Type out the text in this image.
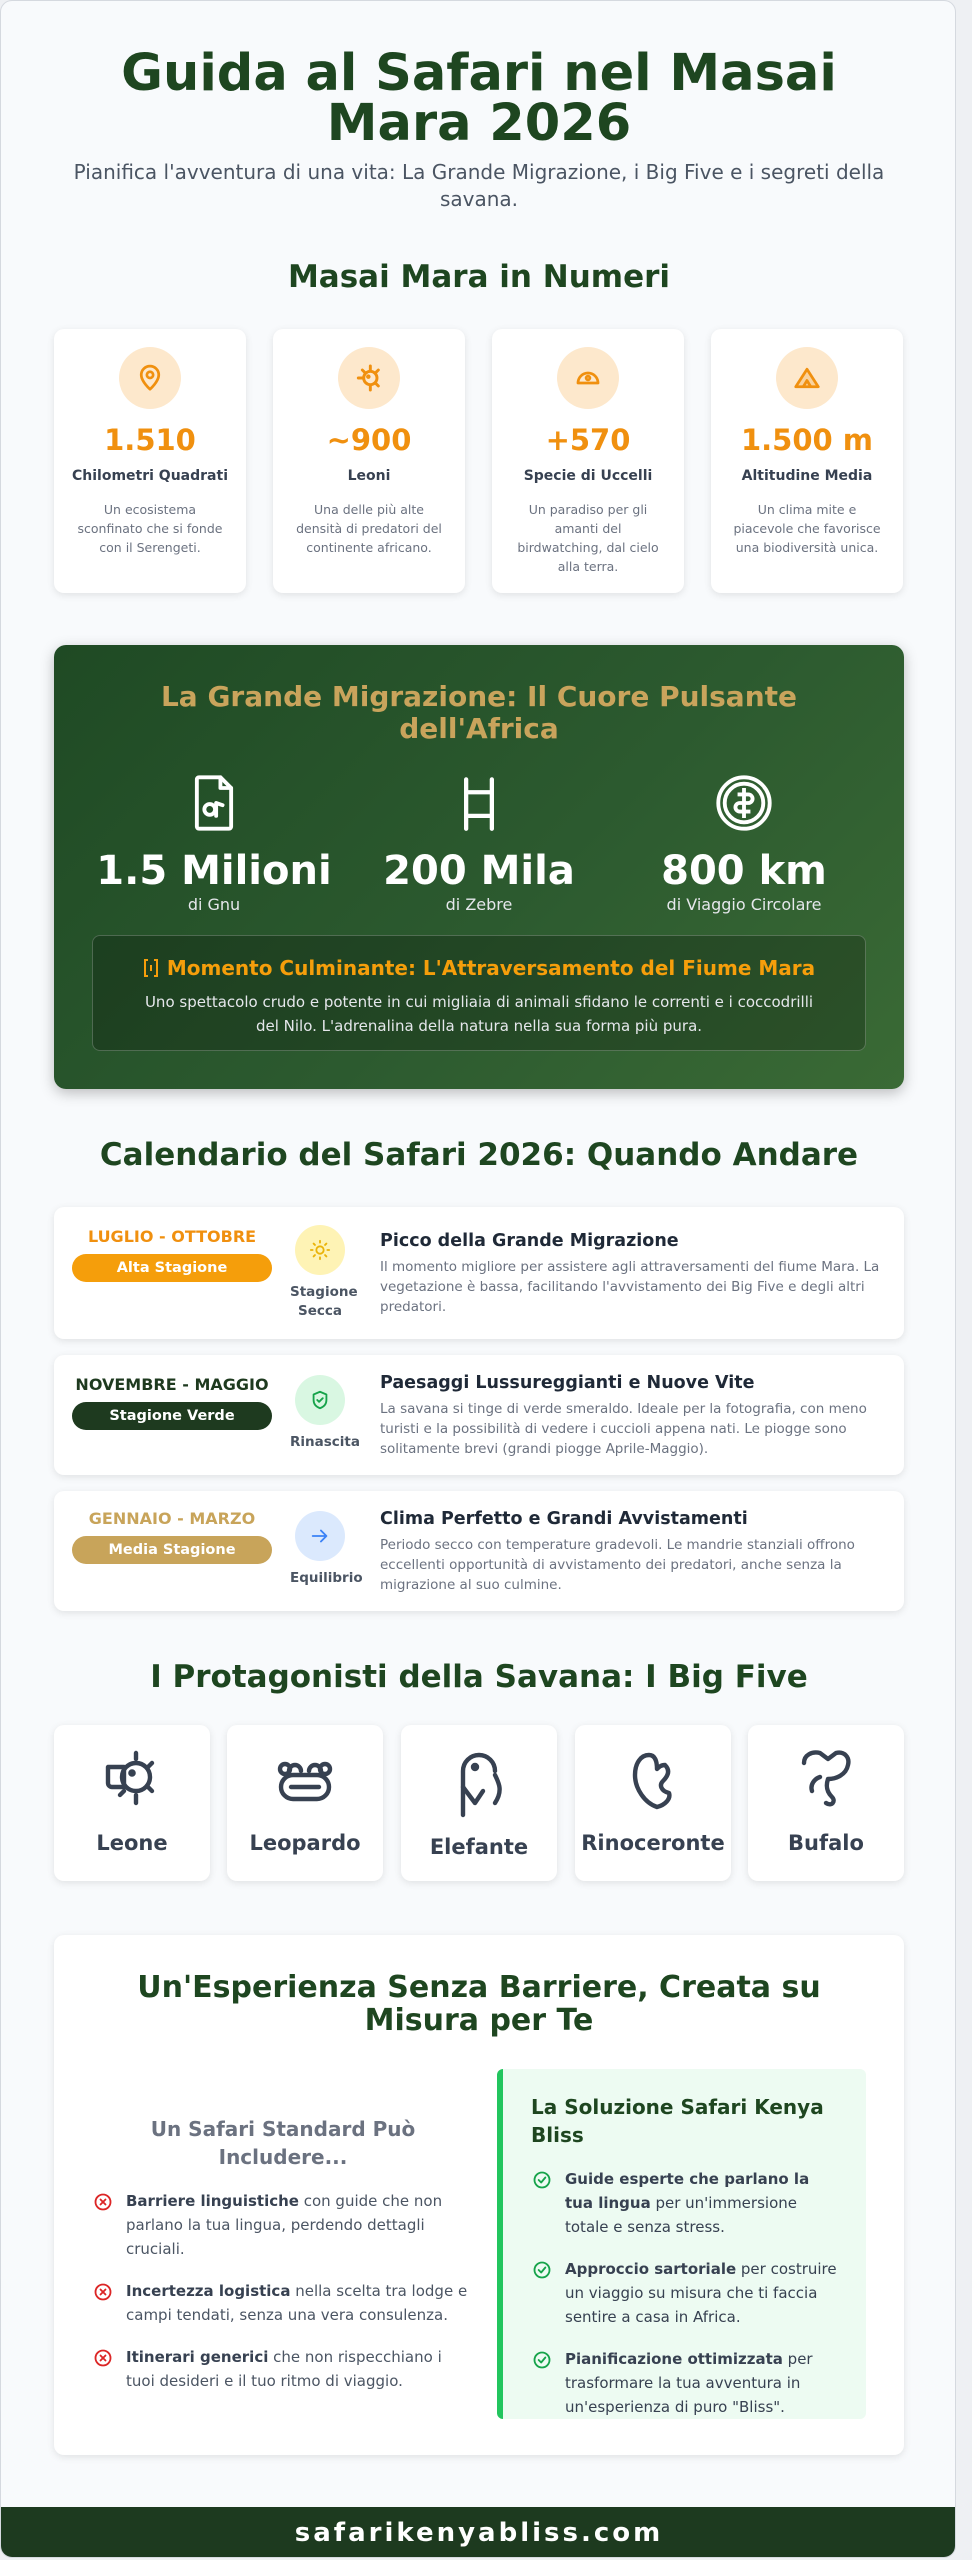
Guida al Safari nel Masai Mara 2026

Pianifica l'avventura di una vita: La Grande Migrazione, i Big Five e i segreti della savana.

Masai Mara in Numeri
1.510
Chilometri Quadrati
Un ecosistema sconfinato che si fonde con il Serengeti.
~900
Leoni
Una delle più alte densità di predatori del continente africano.
+570
Specie di Uccelli
Un paradiso per gli amanti del birdwatching, dal cielo alla terra.
1.500 m
Altitudine Media
Un clima mite e piacevole che favorisce una biodiversità unica.
La Grande Migrazione: Il Cuore Pulsante dell'Africa
1.5 Milioni
di Gnu
200 Mila
di Zebre
800 km
di Viaggio Circolare
Momento Culminante: L'Attraversamento del Fiume Mara
Uno spettacolo crudo e potente in cui migliaia di animali sfidano le correnti e i coccodrilli del Nilo. L'adrenalina della natura nella sua forma più pura.
Calendario del Safari 2026: Quando Andare
LUGLIO - OTTOBRE
Alta Stagione
Stagione Secca
Picco della Grande Migrazione
Il momento migliore per assistere agli attraversamenti del fiume Mara. La vegetazione è bassa, facilitando l'avvistamento dei Big Five e degli altri predatori.
NOVEMBRE - MAGGIO
Stagione Verde
Rinascita
Paesaggi Lussureggianti e Nuove Vite
La savana si tinge di verde smeraldo. Ideale per la fotografia, con meno turisti e la possibilità di vedere i cuccioli appena nati. Le piogge sono solitamente brevi (grandi piogge Aprile-Maggio).
GENNAIO - MARZO
Media Stagione
Equilibrio
Clima Perfetto e Grandi Avvistamenti
Periodo secco con temperature gradevoli. Le mandrie stanziali offrono eccellenti opportunità di avvistamento dei predatori, anche senza la migrazione al suo culmine.
I Protagonisti della Savana: I Big Five
Leone	Leopardo	Elefante	Rinoceronte	Bufalo
Un'Esperienza Senza Barriere, Creata su Misura per Te
Un Safari Standard Può Includere...
Barriere linguistiche con guide che non parlano la tua lingua, perdendo dettagli cruciali.
Incertezza logistica nella scelta tra lodge e campi tendati, senza una vera consulenza.
Itinerari generici che non rispecchiano i tuoi desideri e il tuo ritmo di viaggio.
La Soluzione Safari Kenya Bliss
Guide esperte che parlano la tua lingua per un'immersione totale e senza stress.
Approccio sartoriale per costruire un viaggio su misura che ti faccia sentire a casa in Africa.
Pianificazione ottimizzata per trasformare la tua avventura in un'esperienza di puro "Bliss".
safarikenyabliss.com
